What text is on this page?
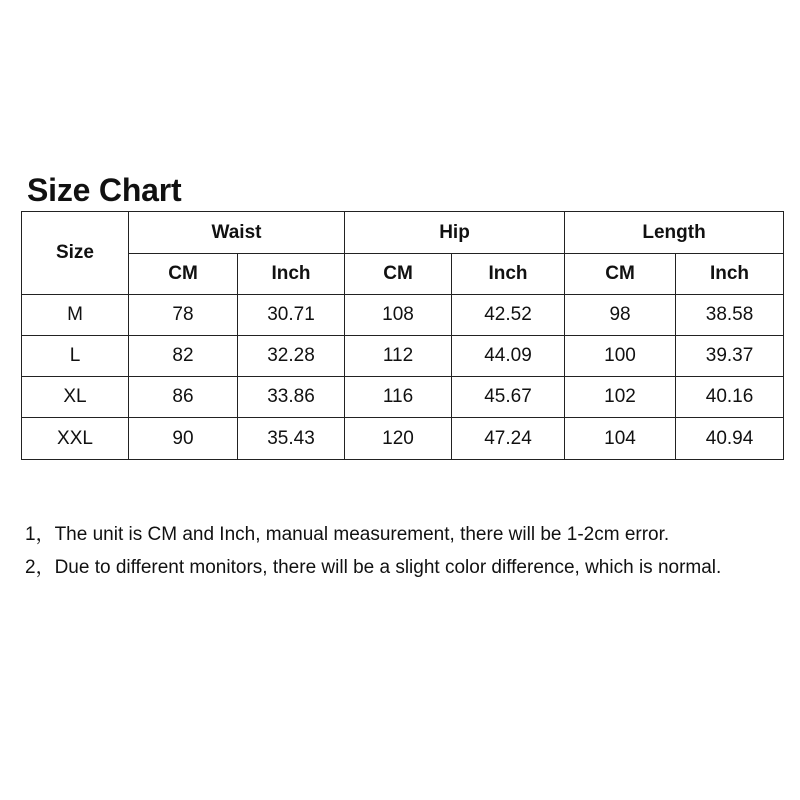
Size Chart
Size	Waist		Hip		Length	
	CM	Inch	CM	Inch	CM	Inch
M	78	30.71	108	42.52	98	38.58
L	82	32.28	112	44.09	100	39.37
XL	86	33.86	116	45.67	102	40.16
XXL	90	35.43	120	47.24	104	40.94
1，The unit is CM and Inch, manual measurement, there will be 1-2cm error.
2，Due to different monitors, there will be a slight color difference, which is normal.
